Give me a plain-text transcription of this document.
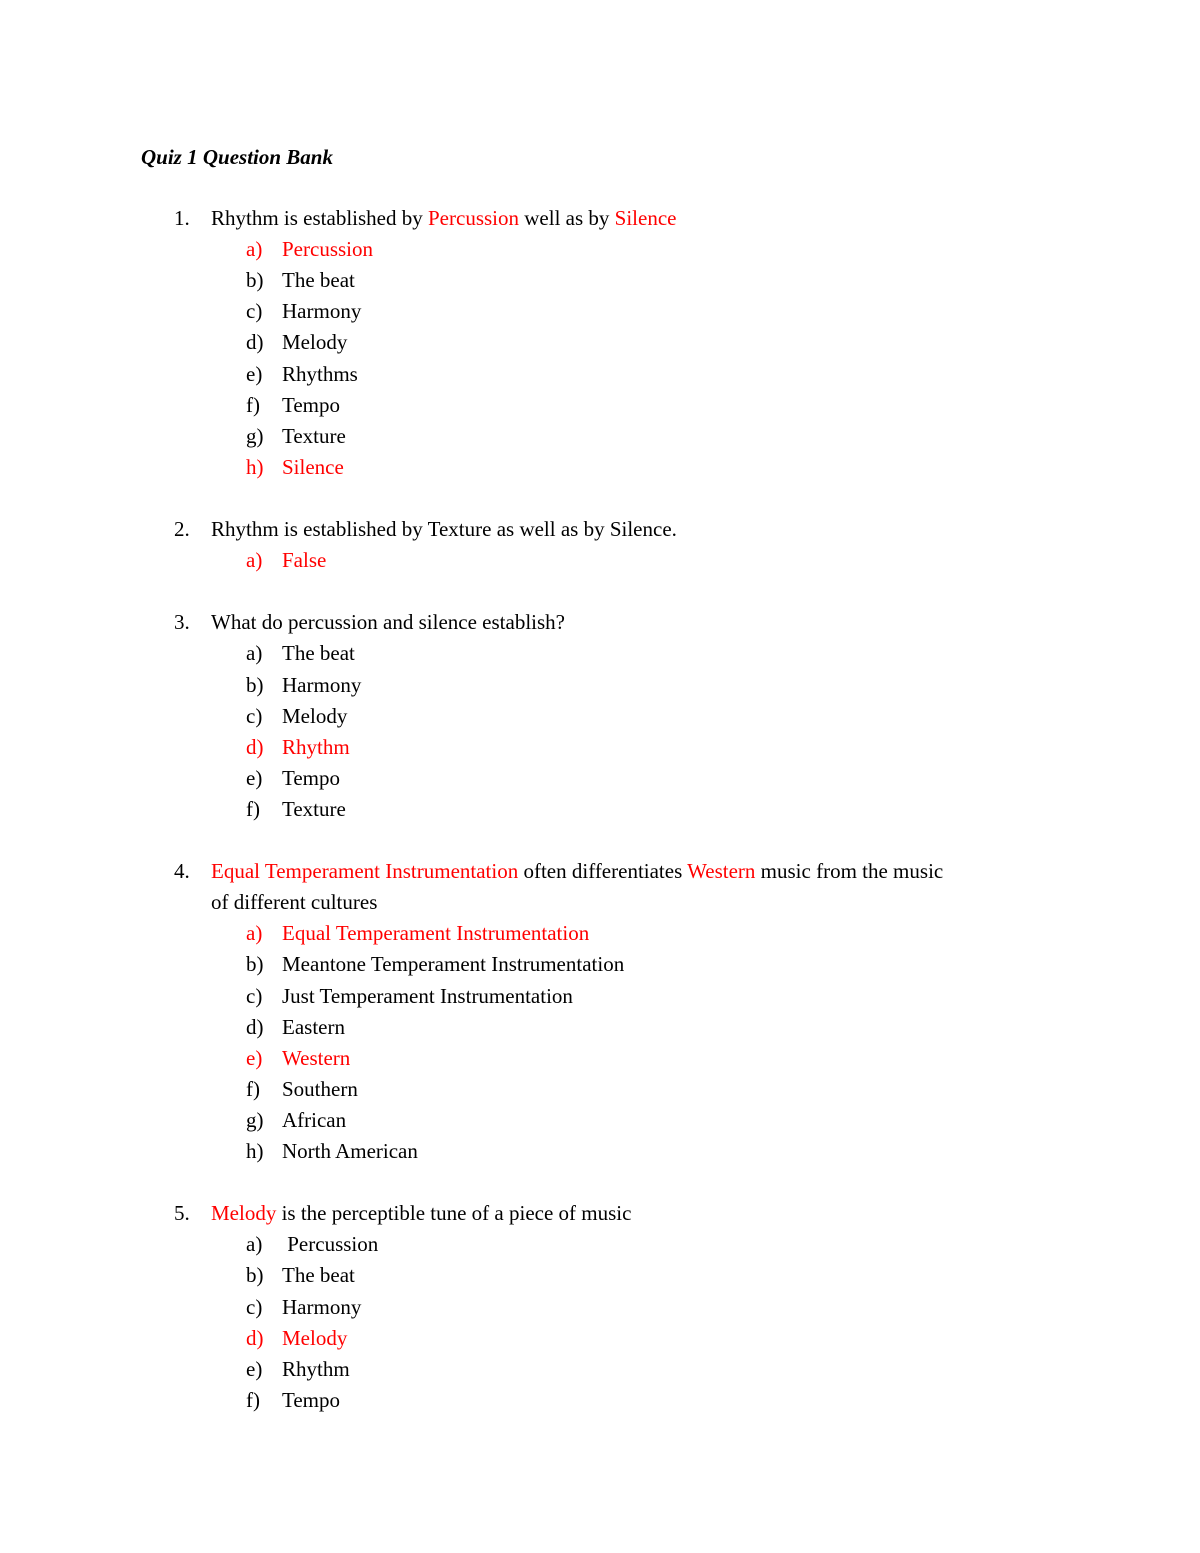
Quiz 1 Question Bank
1. Rhythm is established by Percussion well as by Silence
a) Percussion
b) The beat
c) Harmony
d) Melody
e) Rhythms
f) Tempo
g) Texture
h) Silence
2. Rhythm is established by Texture as well as by Silence.
a) False
3. What do percussion and silence establish?
a) The beat
b) Harmony
c) Melody
d) Rhythm
e) Tempo
f) Texture
4. Equal Temperament Instrumentation often differentiates Western music from the music
of different cultures
a) Equal Temperament Instrumentation
b) Meantone Temperament Instrumentation
c) Just Temperament Instrumentation
d) Eastern
e) Western
f) Southern
g) African
h) North American
5. Melody is the perceptible tune of a piece of music
a) Percussion
b) The beat
c) Harmony
d) Melody
e) Rhythm
f) Tempo
